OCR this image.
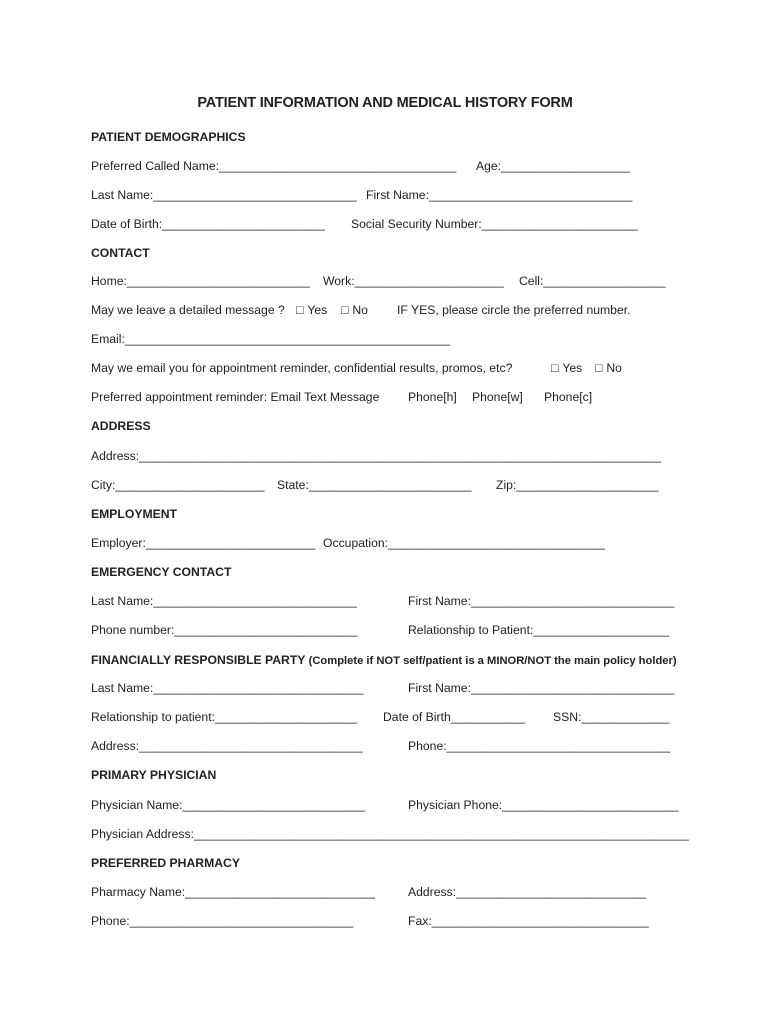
PATIENT INFORMATION AND MEDICAL HISTORY FORM
PATIENT DEMOGRAPHICS
Preferred Called Name:___________________________________ Age:___________________
Last Name:______________________________ First Name:______________________________
Date of Birth:________________________ Social Security Number:_______________________
CONTACT
Home:___________________________ Work:______________________ Cell:__________________
May we leave a detailed message ? □ Yes □ No IF YES, please circle the preferred number.
Email:________________________________________________
May we email you for appointment reminder, confidential results, promos, etc?	□ Yes □ No
Preferred appointment reminder: Email Text Message Phone[h] Phone[w] Phone[c]
ADDRESS
Address:_____________________________________________________________________________
City:______________________ State:________________________ Zip:_____________________
EMPLOYMENT
Employer:_________________________ Occupation:________________________________
EMERGENCY CONTACT
Last Name:______________________________	First Name:______________________________
Phone number:___________________________	Relationship to Patient:____________________
FINANCIALLY RESPONSIBLE PARTY (Complete if NOT self/patient is a MINOR/NOT the main policy holder)
Last Name:_______________________________	First Name:______________________________
Relationship to patient:_____________________ Date of Birth___________ SSN:_____________
Address:_________________________________	Phone:_________________________________
PRIMARY PHYSICIAN
Physician Name:___________________________	Physician Phone:__________________________
Physician Address:_________________________________________________________________________
PREFERRED PHARMACY
Pharmacy Name:____________________________	Address:____________________________
Phone:_________________________________	Fax:________________________________
